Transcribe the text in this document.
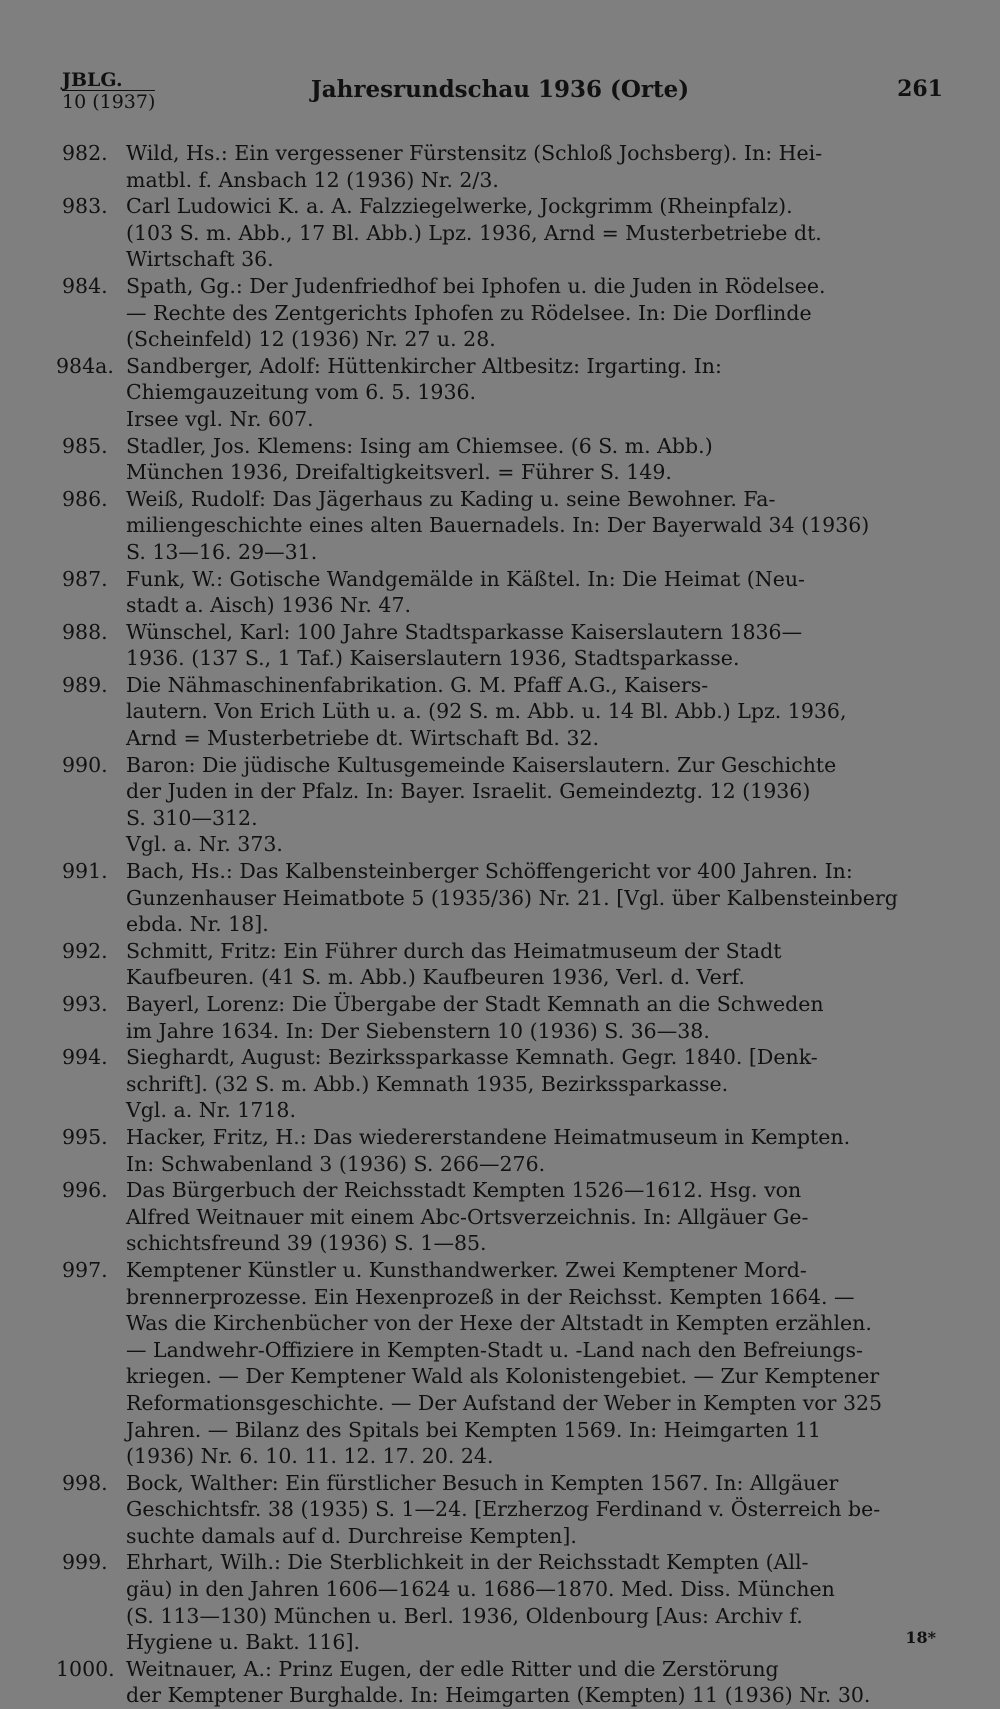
JBLG.
10 (1937)	Jahresrundschau 1936 (Orte)	261
982. Wild, Hs.: Ein vergessener Fürstensitz (Schloß Jochsberg). In: Hei-
matbl. f. Ansbach 12 (1936) Nr. 2/3.
983. Carl Ludowici K. a. A. Falzziegelwerke, Jockgrimm (Rheinpfalz).
(103 S. m. Abb., 17 Bl. Abb.) Lpz. 1936, Arnd = Musterbetriebe dt.
Wirtschaft 36.
984. Spath, Gg.: Der Judenfriedhof bei Iphofen u. die Juden in Rödelsee.
— Rechte des Zentgerichts Iphofen zu Rödelsee. In: Die Dorflinde
(Scheinfeld) 12 (1936) Nr. 27 u. 28.
984a. Sandberger, Adolf: Hüttenkircher Altbesitz: Irgarting. In:
Chiemgauzeitung vom 6. 5. 1936.
Irsee vgl. Nr. 607.
985. Stadler, Jos. Klemens: Ising am Chiemsee. (6 S. m. Abb.)
München 1936, Dreifaltigkeitsverl. = Führer S. 149.
986. Weiß, Rudolf: Das Jägerhaus zu Kading u. seine Bewohner. Fa-
miliengeschichte eines alten Bauernadels. In: Der Bayerwald 34 (1936)
S. 13—16. 29—31.
987. Funk, W.: Gotische Wandgemälde in Käßtel. In: Die Heimat (Neu-
stadt a. Aisch) 1936 Nr. 47.
988. Wünschel, Karl: 100 Jahre Stadtsparkasse Kaiserslautern 1836—
1936. (137 S., 1 Taf.) Kaiserslautern 1936, Stadtsparkasse.
989. Die Nähmaschinenfabrikation. G. M. Pfaff A.G., Kaisers-
lautern. Von Erich Lüth u. a. (92 S. m. Abb. u. 14 Bl. Abb.) Lpz. 1936,
Arnd = Musterbetriebe dt. Wirtschaft Bd. 32.
990. Baron: Die jüdische Kultusgemeinde Kaiserslautern. Zur Geschichte
der Juden in der Pfalz. In: Bayer. Israelit. Gemeindeztg. 12 (1936)
S. 310—312.
Vgl. a. Nr. 373.
991. Bach, Hs.: Das Kalbensteinberger Schöffengericht vor 400 Jahren. In:
Gunzenhauser Heimatbote 5 (1935/36) Nr. 21. [Vgl. über Kalbensteinberg
ebda. Nr. 18].
992. Schmitt, Fritz: Ein Führer durch das Heimatmuseum der Stadt
Kaufbeuren. (41 S. m. Abb.) Kaufbeuren 1936, Verl. d. Verf.
993. Bayerl, Lorenz: Die Übergabe der Stadt Kemnath an die Schweden
im Jahre 1634. In: Der Siebenstern 10 (1936) S. 36—38.
994. Sieghardt, August: Bezirkssparkasse Kemnath. Gegr. 1840. [Denk-
schrift]. (32 S. m. Abb.) Kemnath 1935, Bezirkssparkasse.
Vgl. a. Nr. 1718.
995. Hacker, Fritz, H.: Das wiedererstandene Heimatmuseum in Kempten.
In: Schwabenland 3 (1936) S. 266—276.
996. Das Bürgerbuch der Reichsstadt Kempten 1526—1612. Hsg. von
Alfred Weitnauer mit einem Abc-Ortsverzeichnis. In: Allgäuer Ge-
schichtsfreund 39 (1936) S. 1—85.
997. Kemptener Künstler u. Kunsthandwerker. Zwei Kemptener Mord-
brennerprozesse. Ein Hexenprozeß in der Reichsst. Kempten 1664. —
Was die Kirchenbücher von der Hexe der Altstadt in Kempten erzählen.
— Landwehr-Offiziere in Kempten-Stadt u. -Land nach den Befreiungs-
kriegen. — Der Kemptener Wald als Kolonistengebiet. — Zur Kemptener
Reformationsgeschichte. — Der Aufstand der Weber in Kempten vor 325
Jahren. — Bilanz des Spitals bei Kempten 1569. In: Heimgarten 11
(1936) Nr. 6. 10. 11. 12. 17. 20. 24.
998. Bock, Walther: Ein fürstlicher Besuch in Kempten 1567. In: Allgäuer
Geschichtsfr. 38 (1935) S. 1—24. [Erzherzog Ferdinand v. Österreich be-
suchte damals auf d. Durchreise Kempten].
999. Ehrhart, Wilh.: Die Sterblichkeit in der Reichsstadt Kempten (All-
gäu) in den Jahren 1606—1624 u. 1686—1870. Med. Diss. München
(S. 113—130) München u. Berl. 1936, Oldenbourg [Aus: Archiv f.
Hygiene u. Bakt. 116].
1000. Weitnauer, A.: Prinz Eugen, der edle Ritter und die Zerstörung
der Kemptener Burghalde. In: Heimgarten (Kempten) 11 (1936) Nr. 30.
18*
